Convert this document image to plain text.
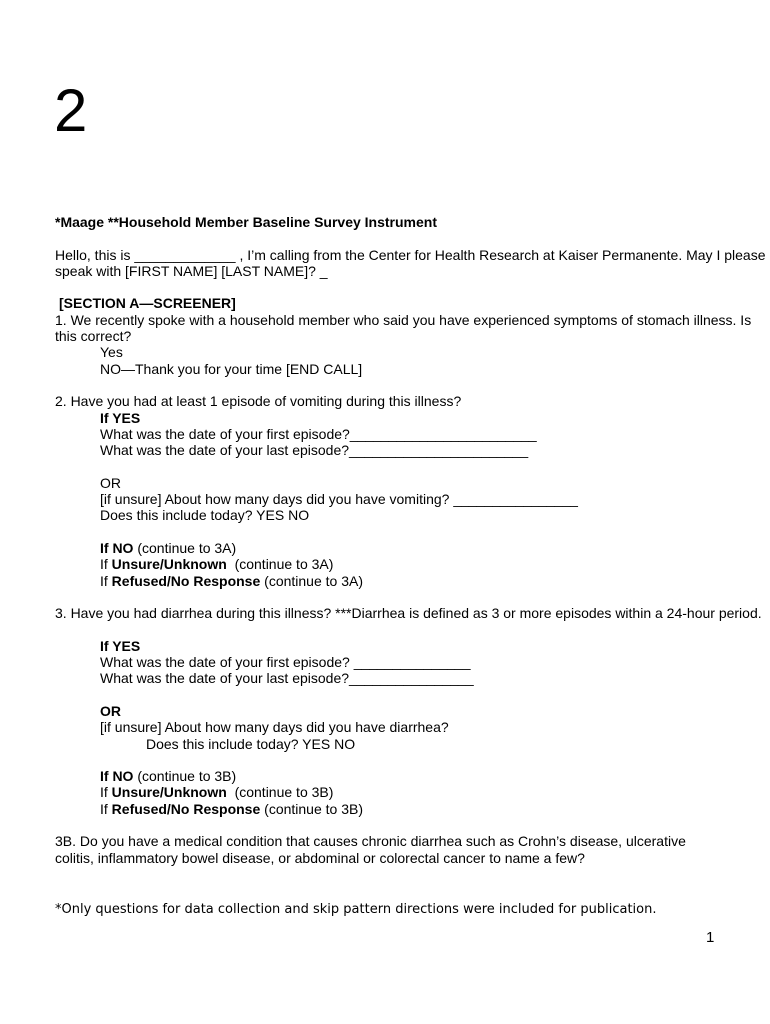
2

*Maage **Household Member Baseline Survey Instrument

Hello, this is _____________ , I’m calling from the Center for Health Research at Kaiser Permanente. May I please speak with [FIRST NAME] [LAST NAME]? _

[SECTION A—SCREENER]

1. We recently spoke with a household member who said you have experienced symptoms of stomach illness. Is this correct?

Yes

NO—Thank you for your time [END CALL]

2. Have you had at least 1 episode of vomiting during this illness?

If YES

What was the date of your first episode?________________________

What was the date of your last episode?_______________________

OR

[if unsure] About how many days did you have vomiting? ________________

Does this include today? YES NO

If NO (continue to 3A)

If Unsure/Unknown  (continue to 3A)

If Refused/No Response (continue to 3A)

3. Have you had diarrhea during this illness? ***Diarrhea is defined as 3 or more episodes within a 24-hour period.

If YES

What was the date of your first episode? _______________

What was the date of your last episode?________________

OR

[if unsure] About how many days did you have diarrhea?

Does this include today? YES NO

If NO (continue to 3B)

If Unsure/Unknown  (continue to 3B)

If Refused/No Response (continue to 3B)

3B. Do you have a medical condition that causes chronic diarrhea such as Crohn’s disease, ulcerative colitis, inflammatory bowel disease, or abdominal or colorectal cancer to name a few?

*Only questions for data collection and skip pattern directions were included for publication.
1
